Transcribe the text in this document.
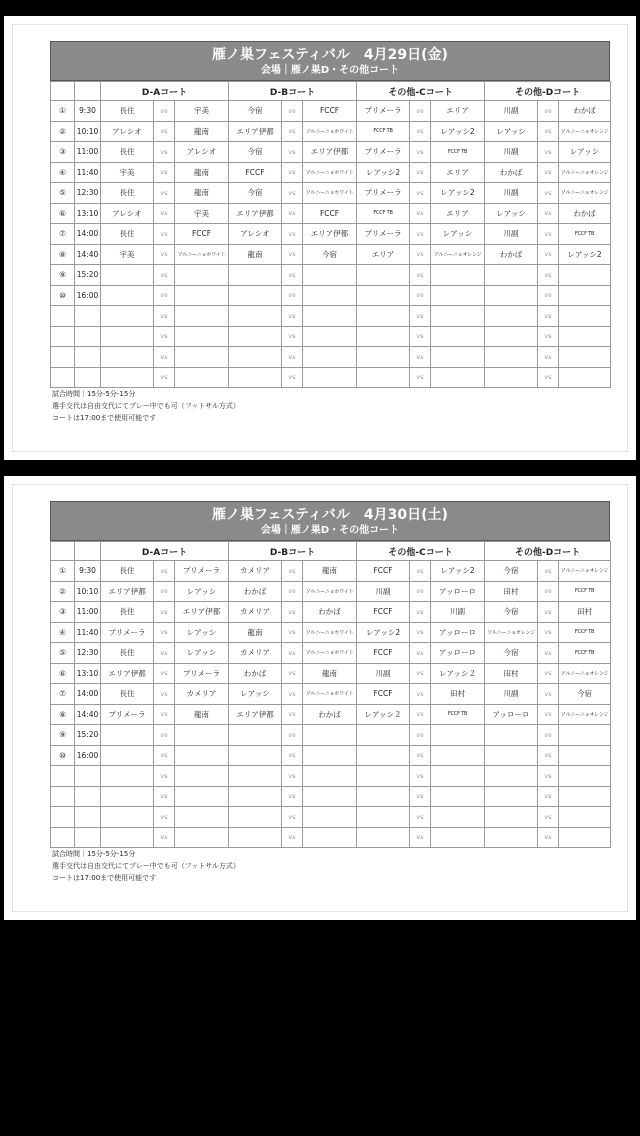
雁ノ巣フェスティバル　4月29日(金)
会場｜雁ノ巣D・その他コート
		D-Aコート			D-Bコート			その他-Cコート			その他-Dコート		
①	9:30	長住	vs	宇美	今宿	vs	FCCF	プリメーラ	vs	エリア	川副	vs	わかば
②	10:10	アレシオ	vs	龍南	エリア伊都	vs	ソルニーニョホワイト	FCCF TB	vs	レアッシ2	レアッシ	vs	ソルニーニョオレンジ
③	11:00	長住	vs	アレシオ	今宿	vs	エリア伊都	プリメーラ	vs	FCCF TB	川副	vs	レアッシ
④	11:40	宇美	vs	龍南	FCCF	vs	ソルニーニョホワイト	レアッシ2	vs	エリア	わかば	vs	ソルニーニョオレンジ
⑤	12:30	長住	vs	龍南	今宿	vs	ソルニーニョホワイト	プリメーラ	vs	レアッシ2	川副	vs	ソルニーニョオレンジ
⑥	13:10	アレシオ	vs	宇美	エリア伊都	vs	FCCF	FCCF TB	vs	エリア	レアッシ	vs	わかば
⑦	14:00	長住	vs	FCCF	アレシオ	vs	エリア伊都	プリメーラ	vs	レアッシ	川副	vs	FCCF TB
⑧	14:40	宇美	vs	ソルニーニョホワイト	龍南	vs	今宿	エリア	vs	ソルニーニョオレンジ	わかば	vs	レアッシ2
⑨	15:20		vs			vs			vs			vs	
⑩	16:00		vs			vs			vs			vs	
			vs			vs			vs			vs	
			vs			vs			vs			vs	
			vs			vs			vs			vs	
			vs			vs			vs			vs	
試合時間｜15分-5分-15分
選手交代は自由交代にてプレー中でも可（フットサル方式）
コートは17:00まで使用可能です
雁ノ巣フェスティバル　4月30日(土)
会場｜雁ノ巣D・その他コート
		D-Aコート			D-Bコート			その他-Cコート			その他-Dコート		
①	9:30	長住	vs	プリメーラ	カメリア	vs	龍南	FCCF	vs	レアッシ2	今宿	vs	ソルニーニョオレンジ
②	10:10	エリア伊都	vs	レアッシ	わかば	vs	ソルニーニョホワイト	川副	vs	アッローロ	田村	vs	FCCF TB
③	11:00	長住	vs	エリア伊都	カメリア	vs	わかば	FCCF	vs	川副	今宿	vs	田村
④	11:40	プリメーラ	vs	レアッシ	龍南	vs	ソルニーニョホワイト	レアッシ2	vs	アッローロ	ソルニーニョオレンジ	vs	FCCF TB
⑤	12:30	長住	vs	レアッシ	カメリア	vs	ソルニーニョホワイト	FCCF	vs	アッローロ	今宿	vs	FCCF TB
⑥	13:10	エリア伊都	vs	プリメーラ	わかば	vs	龍南	川副	vs	レアッシ２	田村	vs	ソルニーニョオレンジ
⑦	14:00	長住	vs	カメリア	レアッシ	vs	ソルニーニョホワイト	FCCF	vs	田村	川副	vs	今宿
⑧	14:40	プリメーラ	vs	龍南	エリア伊都	vs	わかば	レアッシ２	vs	FCCF TB	アッローロ	vs	ソルニーニョオレンジ
⑨	15:20		vs			vs			vs			vs	
⑩	16:00		vs			vs			vs			vs	
			vs			vs			vs			vs	
			vs			vs			vs			vs	
			vs			vs			vs			vs	
			vs			vs			vs			vs	
試合時間｜15分-5分-15分
選手交代は自由交代にてプレー中でも可（フットサル方式）
コートは17:00まで使用可能です
